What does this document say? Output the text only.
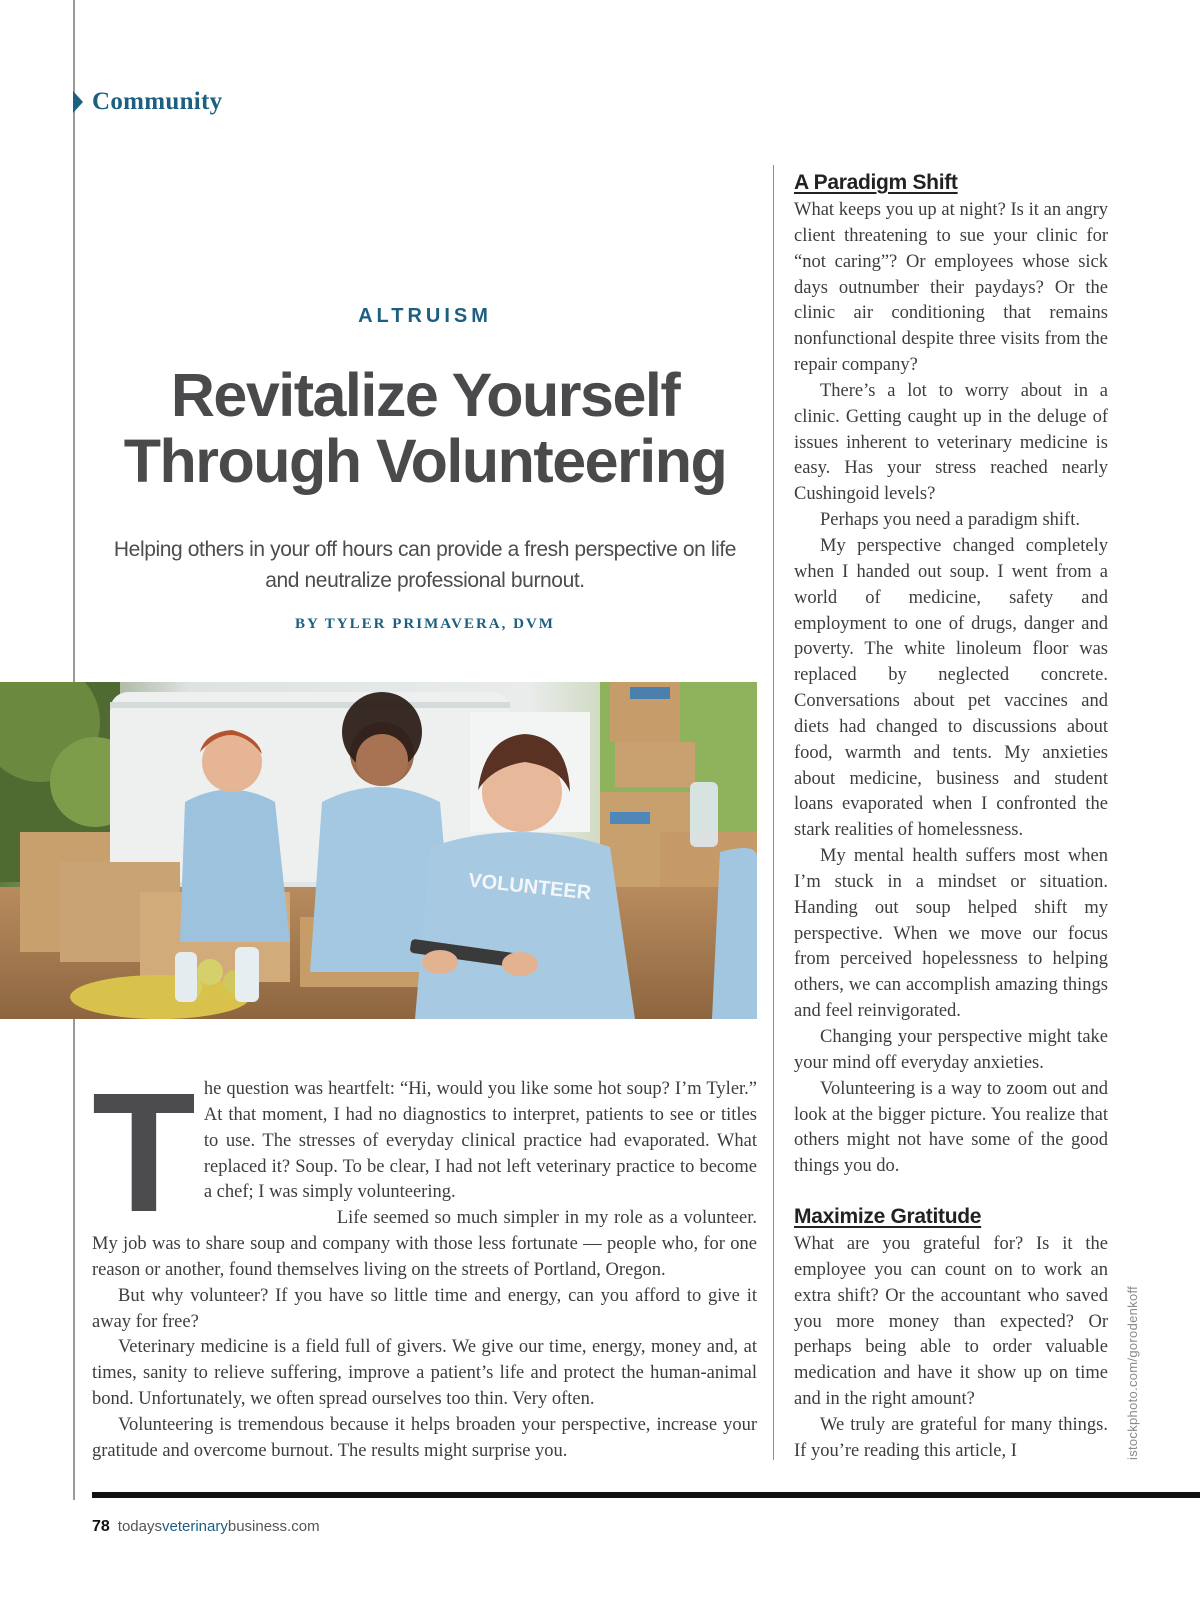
Community
ALTRUISM
Revitalize Yourself
Through Volunteering

Helping others in your off hours can provide a fresh perspective on life and neutralize professional burnout.

BY TYLER PRIMAVERA, DVM
VOLUNTEER

The question was heartfelt: “Hi, would you like some hot soup? I’m Tyler.” At that moment, I had no diagnostics to interpret, patients to see or titles to use. The stresses of everyday clinical practice had evaporated. What replaced it? Soup. To be clear, I had not left veterinary practice to become a chef; I was simply volunteering.

Life seemed so much simpler in my role as a volunteer. My job was to share soup and company with those less fortunate — people who, for one reason or another, found themselves living on the streets of Portland, Oregon.

But why volunteer? If you have so little time and energy, can you afford to give it away for free?

Veterinary medicine is a field full of givers. We give our time, energy, money and, at times, sanity to relieve suffering, improve a patient’s life and protect the human-animal bond. Unfortunately, we often spread ourselves too thin. Very often.

Volunteering is tremendous because it helps broaden your perspective, increase your gratitude and overcome burnout. The results might surprise you.

A Paradigm Shift

What keeps you up at night? Is it an angry client threatening to sue your clinic for “not caring”? Or employees whose sick days outnumber their paydays? Or the clinic air conditioning that remains nonfunctional despite three visits from the repair company?

There’s a lot to worry about in a clinic. Getting caught up in the deluge of issues inherent to veterinary medicine is easy. Has your stress reached nearly Cushingoid levels?

Perhaps you need a paradigm shift.

My perspective changed completely when I handed out soup. I went from a world of medicine, safety and employment to one of drugs, danger and poverty. The white linoleum floor was replaced by neglected concrete. Conversations about pet vaccines and diets had changed to discussions about food, warmth and tents. My anxieties about medicine, business and student loans evaporated when I confronted the stark realities of homelessness.

My mental health suffers most when I’m stuck in a mindset or situation. Handing out soup helped shift my perspective. When we move our focus from perceived hopelessness to helping others, we can accomplish amazing things and feel reinvigorated.

Changing your perspective might take your mind off everyday anxieties.

Volunteering is a way to zoom out and look at the bigger picture. You realize that others might not have some of the good things you do.

Maximize Gratitude

What are you grateful for? Is it the employee you can count on to work an extra shift? Or the accountant who saved you more money than expected? Or perhaps being able to order valuable medication and have it show up on time and in the right amount?

We truly are grateful for many things. If you’re reading this article, I	istockphoto.com/gorodenkoff
78 todaysveterinarybusiness.com
